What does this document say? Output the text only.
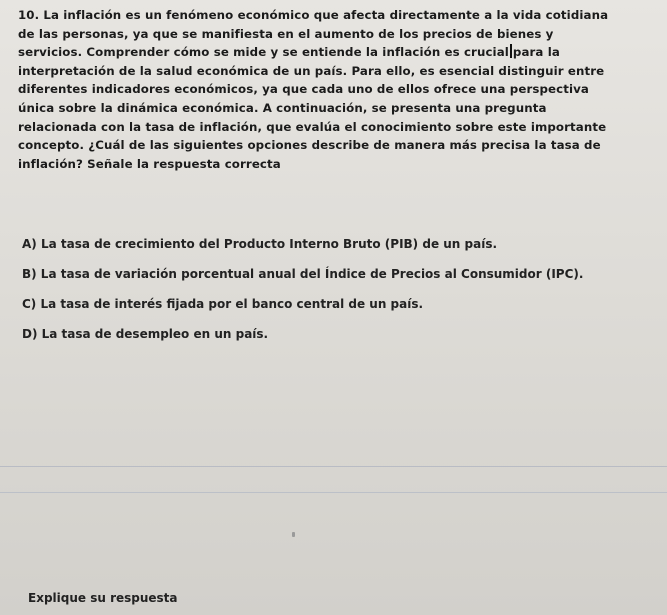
10. La inflación es un fenómeno económico que afecta directamente a la vida cotidiana
de las personas, ya que se manifiesta en el aumento de los precios de bienes y
servicios. Comprender cómo se mide y se entiende la inflación es crucial para la
interpretación de la salud económica de un país. Para ello, es esencial distinguir entre
diferentes indicadores económicos, ya que cada uno de ellos ofrece una perspectiva
única sobre la dinámica económica. A continuación, se presenta una pregunta
relacionada con la tasa de inflación, que evalúa el conocimiento sobre este importante
concepto. ¿Cuál de las siguientes opciones describe de manera más precisa la tasa de
inflación? Señale la respuesta correcta

A) La tasa de crecimiento del Producto Interno Bruto (PIB) de un país.
B) La tasa de variación porcentual anual del Índice de Precios al Consumidor (IPC).
C) La tasa de interés fijada por el banco central de un país.
D) La tasa de desempleo en un país.
Explique su respuesta
